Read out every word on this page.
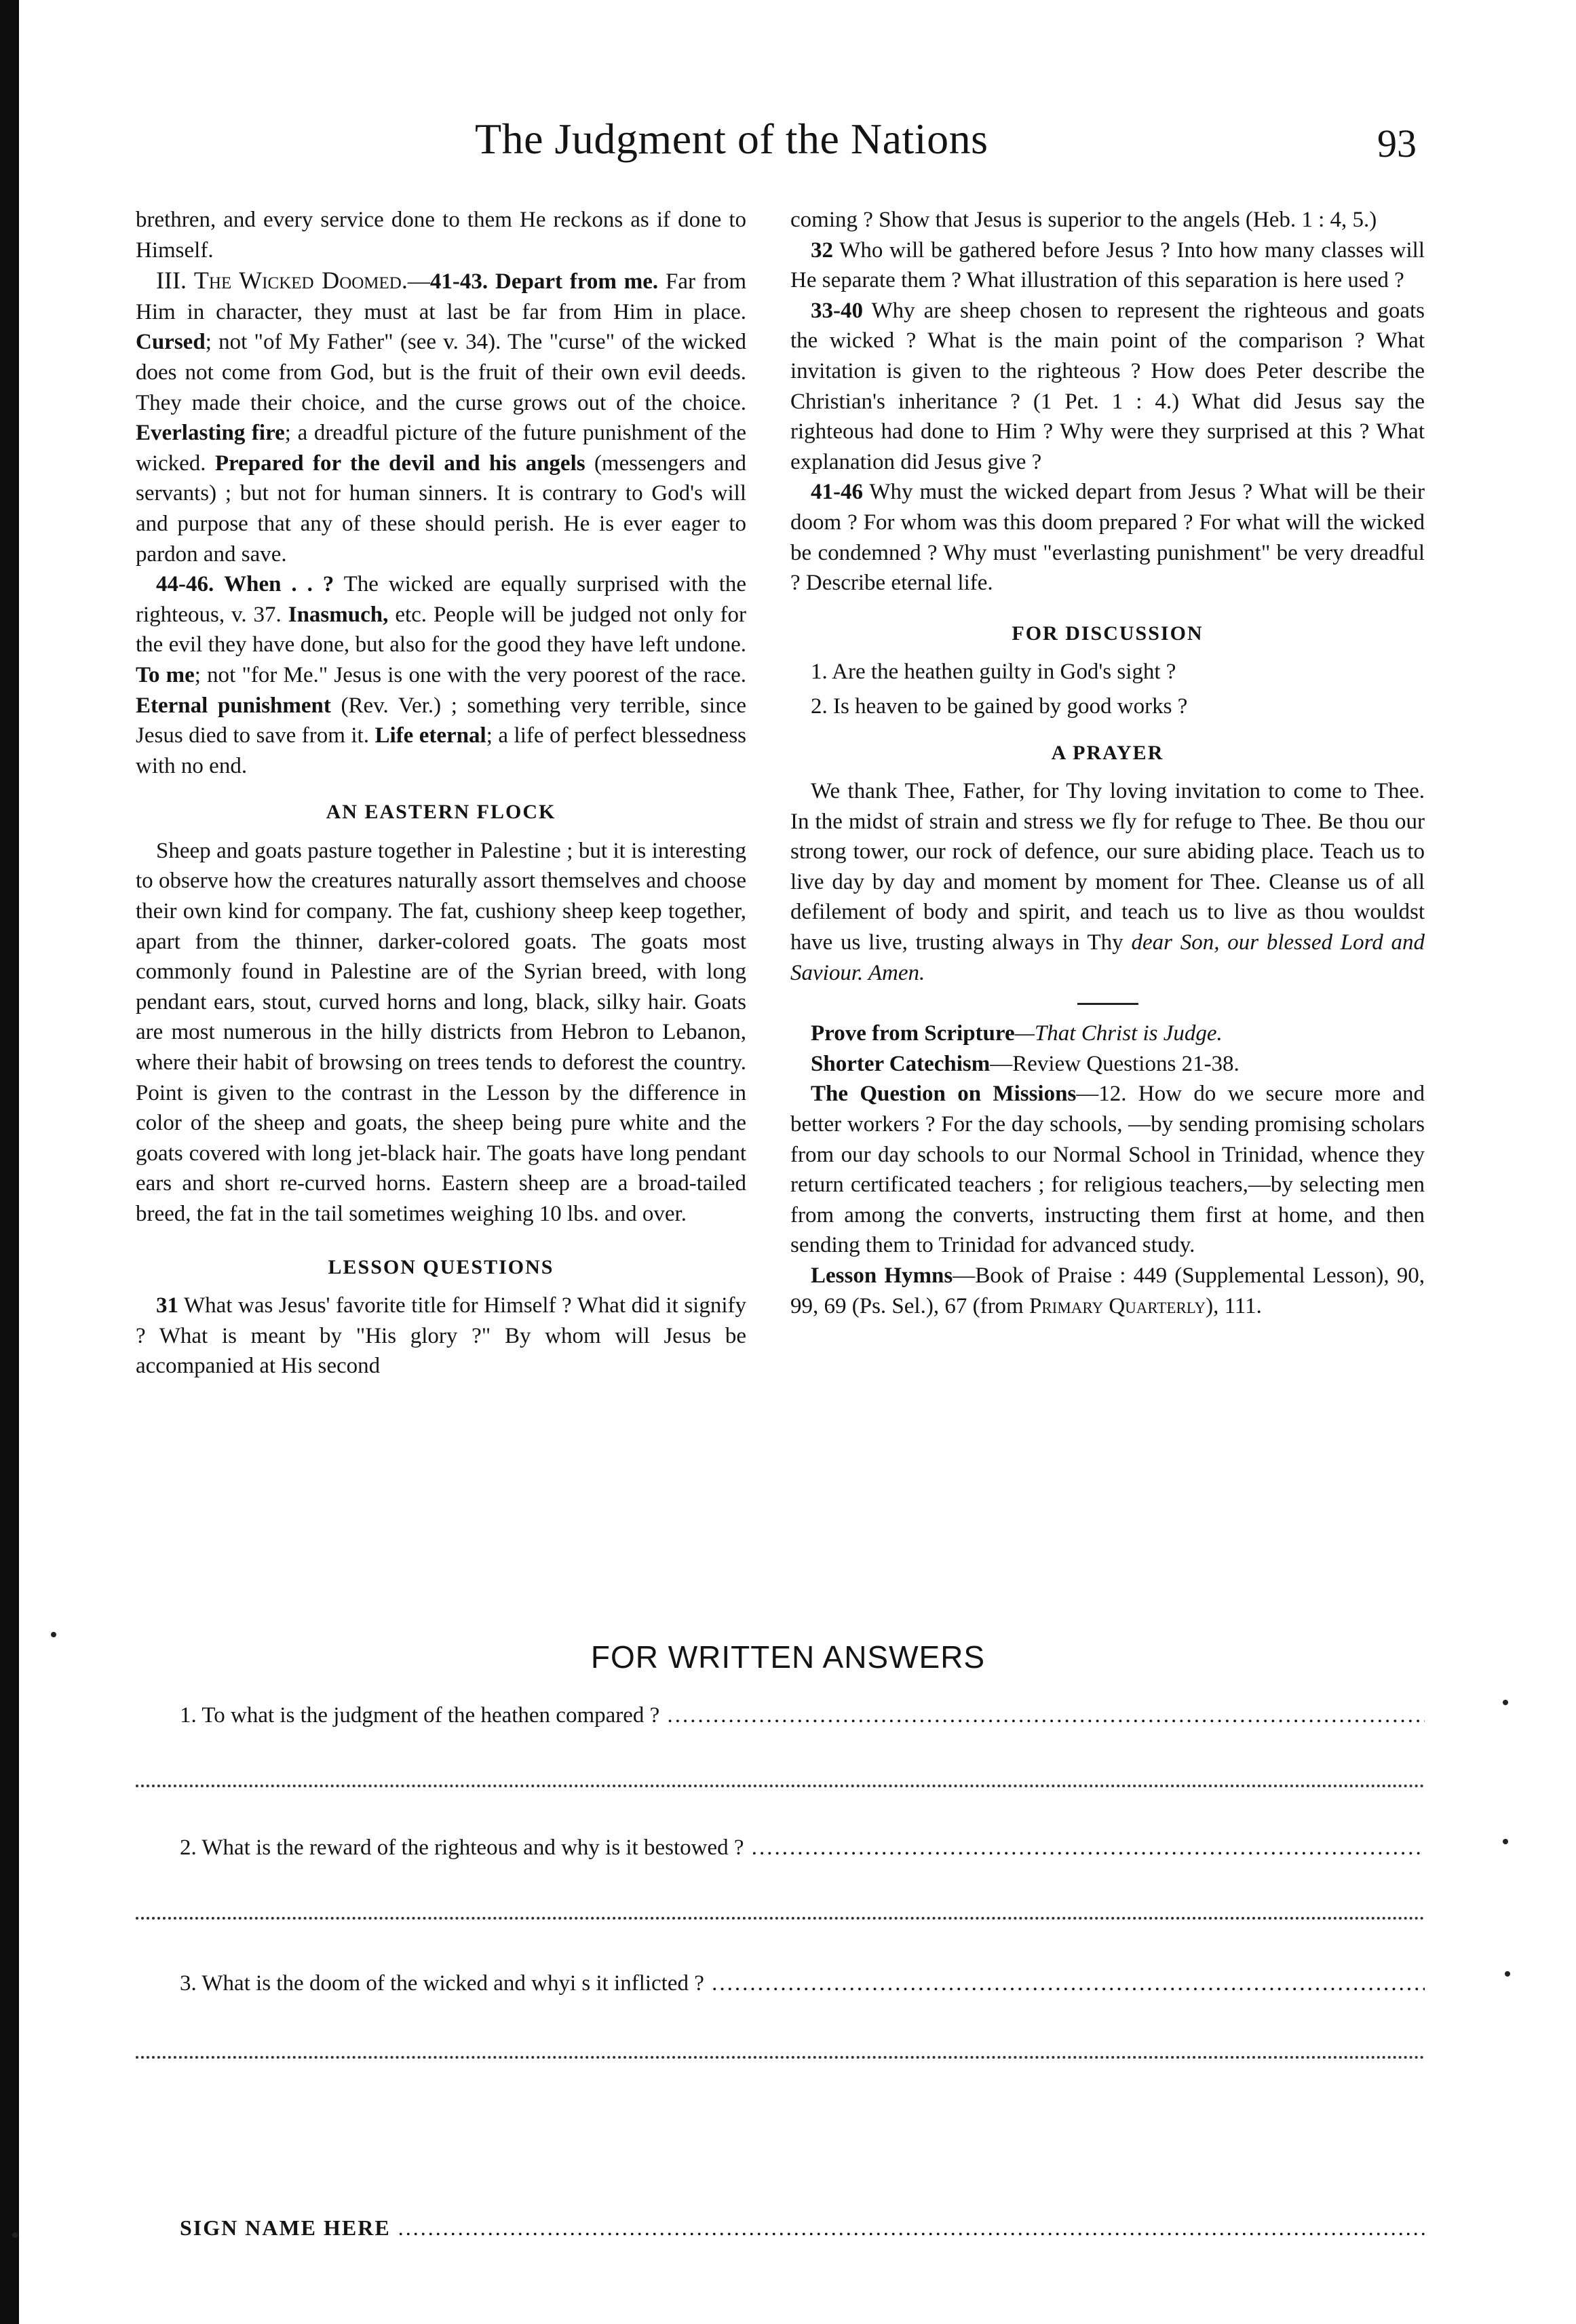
The Judgment of the Nations	93

brethren, and every service done to them He reckons as if done to Himself.

III. The Wicked Doomed.—41-43. Depart from me. Far from Him in character, they must at last be far from Him in place. Cursed; not "of My Father" (see v. 34). The "curse" of the wicked does not come from God, but is the fruit of their own evil deeds. They made their choice, and the curse grows out of the choice. Everlasting fire; a dreadful picture of the future punishment of the wicked. Prepared for the devil and his angels (messengers and servants) ; but not for human sinners. It is contrary to God's will and purpose that any of these should perish. He is ever eager to pardon and save.

44-46. When . . ? The wicked are equally surprised with the righteous, v. 37. Inasmuch, etc. People will be judged not only for the evil they have done, but also for the good they have left undone. To me; not "for Me." Jesus is one with the very poorest of the race. Eternal punishment (Rev. Ver.) ; something very terrible, since Jesus died to save from it. Life eternal; a life of perfect blessedness with no end.

AN EASTERN FLOCK

Sheep and goats pasture together in Palestine ; but it is interesting to observe how the creatures naturally assort themselves and choose their own kind for company. The fat, cushiony sheep keep together, apart from the thinner, darker-colored goats. The goats most commonly found in Palestine are of the Syrian breed, with long pendant ears, stout, curved horns and long, black, silky hair. Goats are most numerous in the hilly districts from Hebron to Lebanon, where their habit of browsing on trees tends to deforest the country. Point is given to the contrast in the Lesson by the difference in color of the sheep and goats, the sheep being pure white and the goats covered with long jet-black hair. The goats have long pendant ears and short re-curved horns. Eastern sheep are a broad-tailed breed, the fat in the tail sometimes weighing 10 lbs. and over.

LESSON QUESTIONS

31 What was Jesus' favorite title for Himself ? What did it signify ? What is meant by "His glory ?" By whom will Jesus be accompanied at His second

coming ? Show that Jesus is superior to the angels (Heb. 1 : 4, 5.)

32 Who will be gathered before Jesus ? Into how many classes will He separate them ? What illustration of this separation is here used ?

33-40 Why are sheep chosen to represent the righteous and goats the wicked ? What is the main point of the comparison ? What invitation is given to the righteous ? How does Peter describe the Christian's inheritance ? (1 Pet. 1 : 4.) What did Jesus say the righteous had done to Him ? Why were they surprised at this ? What explanation did Jesus give ?

41-46 Why must the wicked depart from Jesus ? What will be their doom ? For whom was this doom prepared ? For what will the wicked be condemned ? Why must "everlasting punishment" be very dreadful ? Describe eternal life.

FOR DISCUSSION
1. Are the heathen guilty in God's sight ?
2. Is heaven to be gained by good works ?
A PRAYER

We thank Thee, Father, for Thy loving invitation to come to Thee. In the midst of strain and stress we fly for refuge to Thee. Be thou our strong tower, our rock of defence, our sure abiding place. Teach us to live day by day and moment by moment for Thee. Cleanse us of all defilement of body and spirit, and teach us to live as thou wouldst have us live, trusting always in Thy dear Son, our blessed Lord and Saviour. Amen.

Prove from Scripture—That Christ is Judge.

Shorter Catechism—Review Questions 21-38.

The Question on Missions—12. How do we secure more and better workers ? For the day schools, —by sending promising scholars from our day schools to our Normal School in Trinidad, whence they return certificated teachers ; for religious teachers,—by selecting men from among the converts, instructing them first at home, and then sending them to Trinidad for advanced study.

Lesson Hymns—Book of Praise : 449 (Supplemental Lesson), 90, 99, 69 (Ps. Sel.), 67 (from Primary Quarterly), 111.

FOR WRITTEN ANSWERS
1. To what is the judgment of the heathen compared ? .....
2. What is the reward of the righteous and why is it bestowed ? .....
3. What is the doom of the wicked and whyi s it inflicted ? .....
SIGN NAME HERE .....
